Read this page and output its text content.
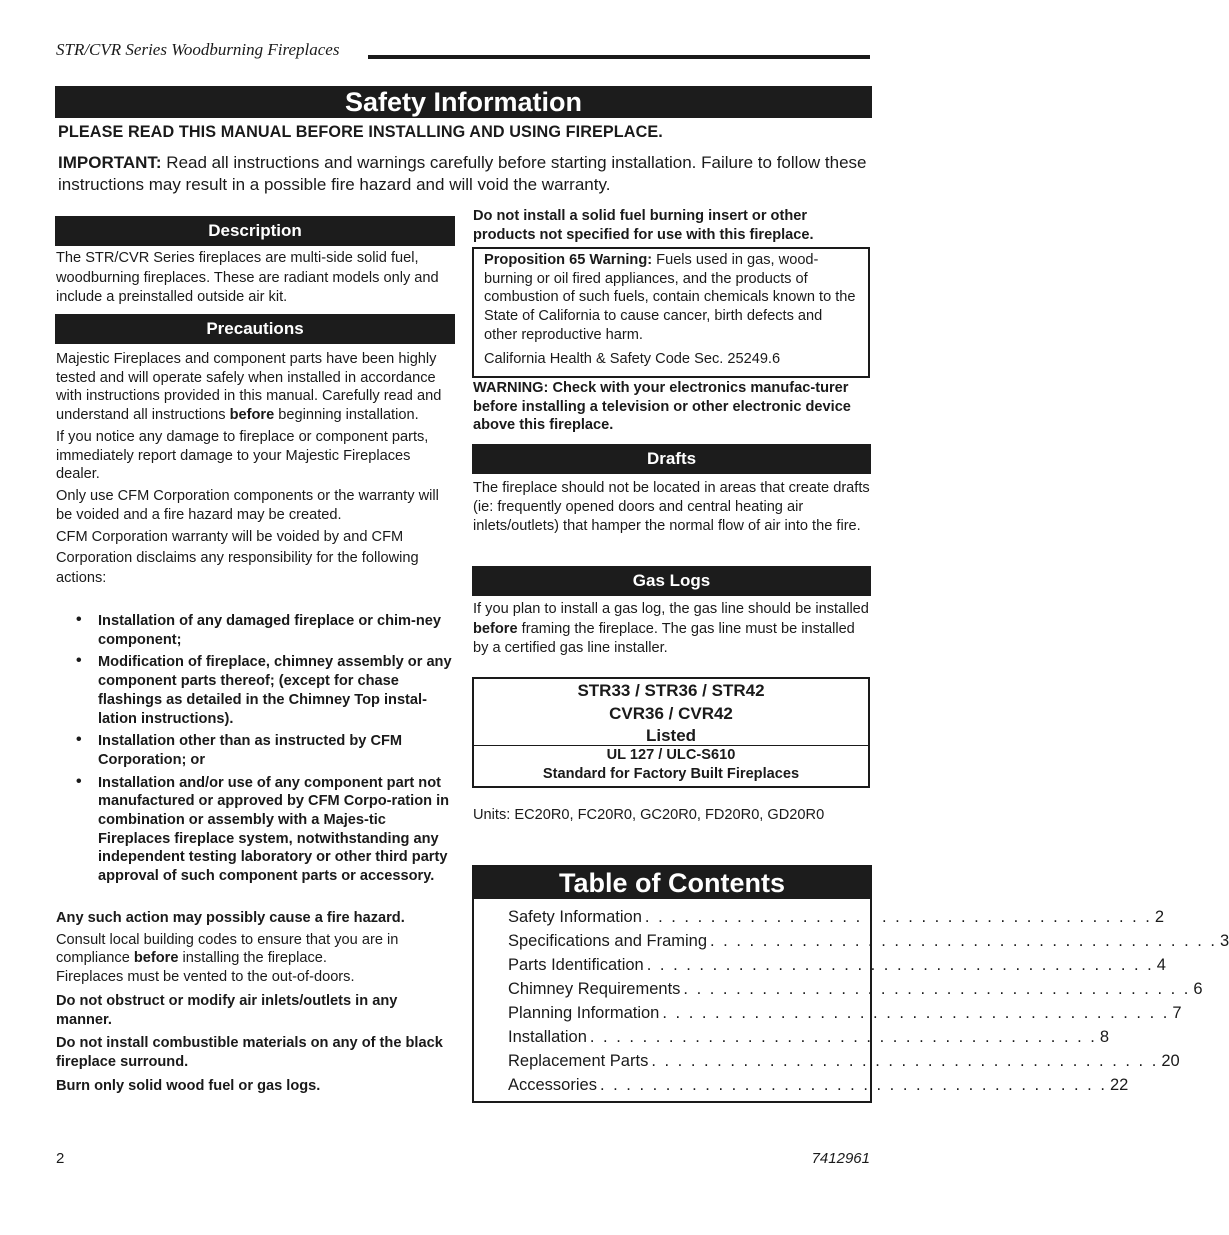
STR/CVR Series Woodburning Fireplaces
Safety Information
PLEASE READ THIS MANUAL BEFORE INSTALLING AND USING FIREPLACE.
IMPORTANT: Read all instructions and warnings carefully before starting installation. Failure to follow these instructions may result in a possible fire hazard and will void the warranty.
Description
The STR/CVR Series fireplaces are multi-side solid fuel, woodburning fireplaces. These are radiant models only and include a preinstalled outside air kit.
Precautions

Majestic Fireplaces and component parts have been highly tested and will operate safely when installed in accordance with instructions provided in this manual. Carefully read and understand all instructions before beginning installation.

If you notice any damage to fireplace or component parts, immediately report damage to your Majestic Fireplaces dealer.

Only use CFM Corporation components or the warranty will be voided and a fire hazard may be created.

CFM Corporation warranty will be voided by and CFM Corporation disclaims any responsibility for the following actions:

• Installation of any damaged fireplace or chim-ney component;
• Modification of fireplace, chimney assembly or any component parts thereof; (except for chase flashings as detailed in the Chimney Top instal-lation instructions).
• Installation other than as instructed by CFM Corporation; or
• Installation and/or use of any component part not manufactured or approved by CFM Corpo-ration in combination or assembly with a Majes-tic Fireplaces fireplace system, notwithstanding any independent testing laboratory or other third party approval of such component parts or accessory.
Any such action may possibly cause a fire hazard.
Consult local building codes to ensure that you are in compliance before installing the fireplace.
Fireplaces must be vented to the out-of-doors.
Do not obstruct or modify air inlets/outlets in any manner.
Do not install combustible materials on any of the black fireplace surround.
Burn only solid wood fuel or gas logs.
Do not install a solid fuel burning insert or other products not specified for use with this fireplace.
Proposition 65 Warning: Fuels used in gas, wood-burning or oil fired appliances, and the products of combustion of such fuels, contain chemicals known to the State of California to cause cancer, birth defects and other reproductive harm.
California Health & Safety Code Sec. 25249.6
WARNING: Check with your electronics manufac-turer before installing a television or other electronic device above this fireplace.
Drafts
The fireplace should not be located in areas that create drafts (ie: frequently opened doors and central heating air inlets/outlets) that hamper the normal flow of air into the fire.
Gas Logs
If you plan to install a gas log, the gas line should be installed before framing the fireplace. The gas line must be installed by a certified gas line installer.
STR33 / STR36 / STR42
CVR36 / CVR42
Listed
UL 127 / ULC-S610
Standard for Factory Built Fireplaces
Units: EC20R0, FC20R0, GC20R0, FD20R0, GD20R0
Table of Contents
Safety Information . . . . . . . . . . . . . . . . . . . . . . . . . . . . . . . . . . . . . . . 2
Specifications and Framing . . . . . . . . . . . . . . . . . . . . . . . . . . . . . . . . . . . . . . . 3
Parts Identification . . . . . . . . . . . . . . . . . . . . . . . . . . . . . . . . . . . . . . . 4
Chimney Requirements . . . . . . . . . . . . . . . . . . . . . . . . . . . . . . . . . . . . . . . 6
Planning Information . . . . . . . . . . . . . . . . . . . . . . . . . . . . . . . . . . . . . . . 7
Installation . . . . . . . . . . . . . . . . . . . . . . . . . . . . . . . . . . . . . . . 8
Replacement Parts . . . . . . . . . . . . . . . . . . . . . . . . . . . . . . . . . . . . . . . 20
Accessories . . . . . . . . . . . . . . . . . . . . . . . . . . . . . . . . . . . . . . . 22
2	7412961
